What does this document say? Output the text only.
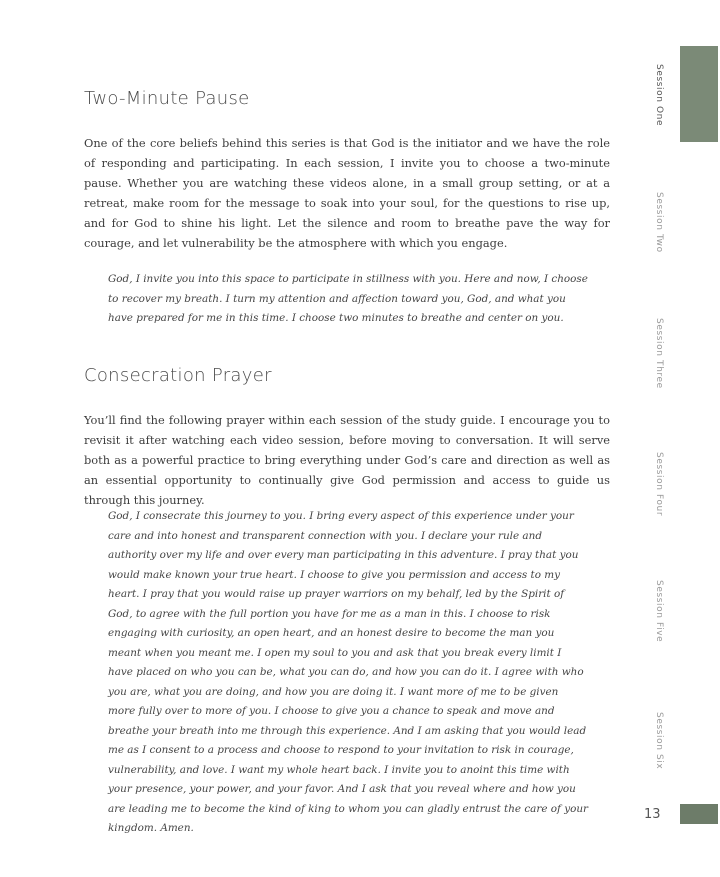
Two-Minute Pause

One of the core beliefs behind this series is that God is the initiator and we have the role of responding and participating. In each session, I invite you to choose a two-minute pause. Whether you are watching these videos alone, in a small group setting, or at a retreat, make room for the message to soak into your soul, for the questions to rise up, and for God to shine his light. Let the silence and room to breathe pave the way for courage, and let vulnerability be the atmosphere with which you engage.

God, I invite you into this space to participate in stillness with you. Here and now, I choose to recover my breath. I turn my attention and affection toward you, God, and what you have prepared for me in this time. I choose two minutes to breathe and center on you.

Consecration Prayer

You’ll find the following prayer within each session of the study guide. I encourage you to revisit it after watching each video session, before moving to conversation. It will serve both as a powerful practice to bring everything under God’s care and direction as well as an essential opportunity to continually give God permission and access to guide us through this journey.

God, I consecrate this journey to you. I bring every aspect of this experience under your care and into honest and transparent connection with you. I declare your rule and authority over my life and over every man participating in this adventure. I pray that you would make known your true heart. I choose to give you permission and access to my heart. I pray that you would raise up prayer warriors on my behalf, led by the Spirit of God, to agree with the full portion you have for me as a man in this. I choose to risk engaging with curiosity, an open heart, and an honest desire to become the man you meant when you meant me. I open my soul to you and ask that you break every limit I have placed on who you can be, what you can do, and how you can do it. I agree with who you are, what you are doing, and how you are doing it. I want more of me to be given more fully over to more of you. I choose to give you a chance to speak and move and breathe your breath into me through this experience. And I am asking that you would lead me as I consent to a process and choose to respond to your invitation to risk in courage, vulnerability, and love. I want my whole heart back. I invite you to anoint this time with your presence, your power, and your favor. And I ask that you reveal where and how you are leading me to become the kind of king to whom you can gladly entrust the care of your kingdom. Amen.

Session One
Session Two
Session Three
Session Four
Session Five
Session Six
13
